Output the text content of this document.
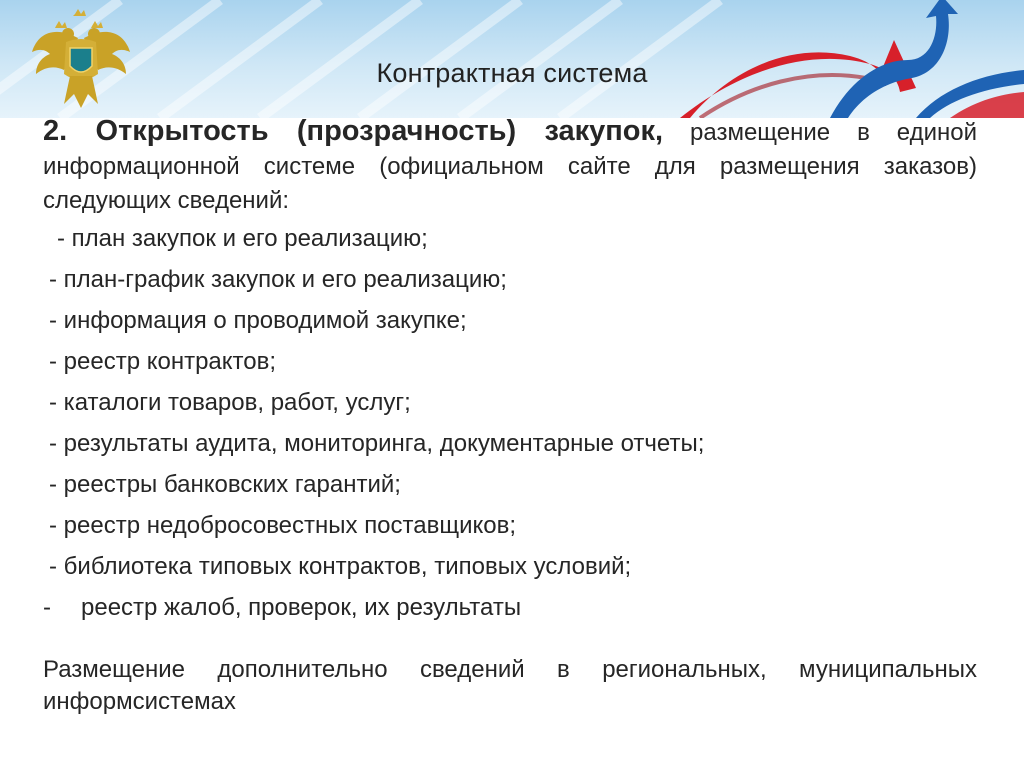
Контрактная система
2. Открытость (прозрачность) закупок, размещение в единой информационной системе (официальном сайте для размещения заказов) следующих сведений:
- план закупок и его реализацию;
- план-график закупок и его реализацию;
- информация о проводимой закупке;
- реестр контрактов;
- каталоги товаров, работ, услуг;
- результаты аудита, мониторинга, документарные отчеты;
- реестры банковских гарантий;
- реестр недобросовестных поставщиков;
- библиотека типовых контрактов, типовых условий;
- реестр жалоб, проверок, их результаты
Размещение дополнительно сведений в региональных, муниципальных информсистемах
